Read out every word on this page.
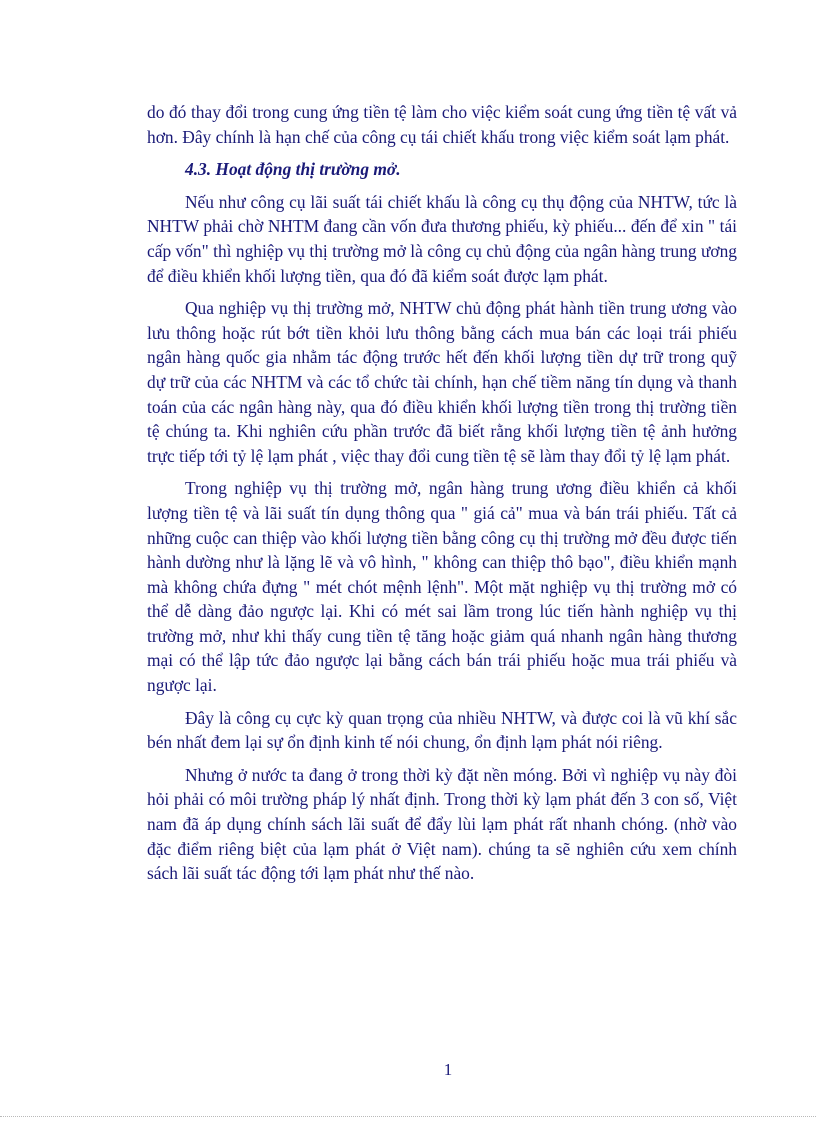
do đó thay đổi trong cung ứng tiền tệ làm cho việc kiểm soát cung ứng tiền tệ vất vả hơn. Đây chính là hạn chế của công cụ tái chiết khấu trong việc kiểm soát lạm phát.

4.3. Hoạt động thị trường mở.

Nếu như công cụ lãi suất tái chiết khấu là công cụ thụ động của NHTW, tức là NHTW phải chờ NHTM đang cần vốn đưa thương phiếu, kỳ phiếu... đến để xin " tái cấp vốn" thì nghiệp vụ thị trường mở là công cụ chủ động của ngân hàng trung ương để điều khiển khối lượng tiền, qua đó đã kiểm soát được lạm phát.

Qua nghiệp vụ thị trường mở, NHTW chủ động phát hành tiền trung ương vào lưu thông hoặc rút bớt tiền khỏi lưu thông bằng cách mua bán các loại trái phiếu ngân hàng quốc gia nhằm tác động trước hết đến khối lượng tiền dự trữ trong quỹ dự trữ của các NHTM và các tổ chức tài chính, hạn chế tiềm năng tín dụng và thanh toán của các ngân hàng này, qua đó điều khiển khối lượng tiền trong thị trường tiền tệ chúng ta. Khi nghiên cứu phần trước đã biết rằng khối lượng tiền tệ ảnh hưởng trực tiếp tới tỷ lệ lạm phát , việc thay đổi cung tiền tệ sẽ làm thay đổi tỷ lệ lạm phát.

Trong nghiệp vụ thị trường mở, ngân hàng trung ương điều khiển cả khối lượng tiền tệ và lãi suất tín dụng thông qua " giá cả" mua và bán trái phiếu. Tất cả những cuộc can thiệp vào khối lượng tiền bằng công cụ thị trường mở đều được tiến hành dường như là lặng lẽ và vô hình, " không can thiệp thô bạo", điều khiển mạnh mà không chứa đựng " mét chót mệnh lệnh". Một mặt nghiệp vụ thị trường mở có thể dễ dàng đảo ngược lại. Khi có mét sai lầm trong lúc tiến hành nghiệp vụ thị trường mở, như khi thấy cung tiền tệ tăng hoặc giảm quá nhanh ngân hàng thương mại có thể lập tức đảo ngược lại bằng cách bán trái phiếu hoặc mua trái phiếu và ngược lại.

Đây là công cụ cực kỳ quan trọng của nhiều NHTW, và được coi là vũ khí sắc bén nhất đem lại sự ổn định kinh tế nói chung, ổn định lạm phát nói riêng.

Nhưng ở nước ta đang ở trong thời kỳ đặt nền móng. Bởi vì nghiệp vụ này đòi hỏi phải có môi trường pháp lý nhất định. Trong thời kỳ lạm phát đến 3 con số, Việt nam đã áp dụng chính sách lãi suất để đẩy lùi lạm phát rất nhanh chóng. (nhờ vào đặc điểm riêng biệt của lạm phát ở Việt nam). chúng ta sẽ nghiên cứu xem chính sách lãi suất tác động tới lạm phát như thế nào.

1
